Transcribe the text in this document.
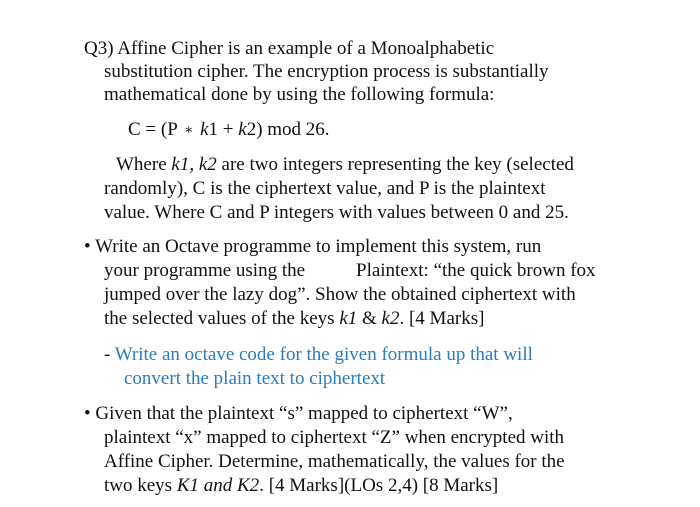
Q3) Affine Cipher is an example of a Monoalphabetic
substitution cipher. The encryption process is substantially
mathematical done by using the following formula:
C = (P ∗ k1 + k2) mod 26.
Where k1, k2 are two integers representing the key (selected
randomly), C is the ciphertext value, and P is the plaintext
value. Where C and P integers with values between 0 and 25.
• Write an Octave programme to implement this system, run
your programme using the	Plaintext: “the quick brown fox
jumped over the lazy dog”. Show the obtained ciphertext with
the selected values of the keys k1 & k2. [4 Marks]
- Write an octave code for the given formula up that will
convert the plain text to ciphertext
• Given that the plaintext “s” mapped to ciphertext “W”,
plaintext “x” mapped to ciphertext “Z” when encrypted with
Affine Cipher. Determine, mathematically, the values for the
two keys K1 and K2. [4 Marks](LOs 2,4) [8 Marks]
